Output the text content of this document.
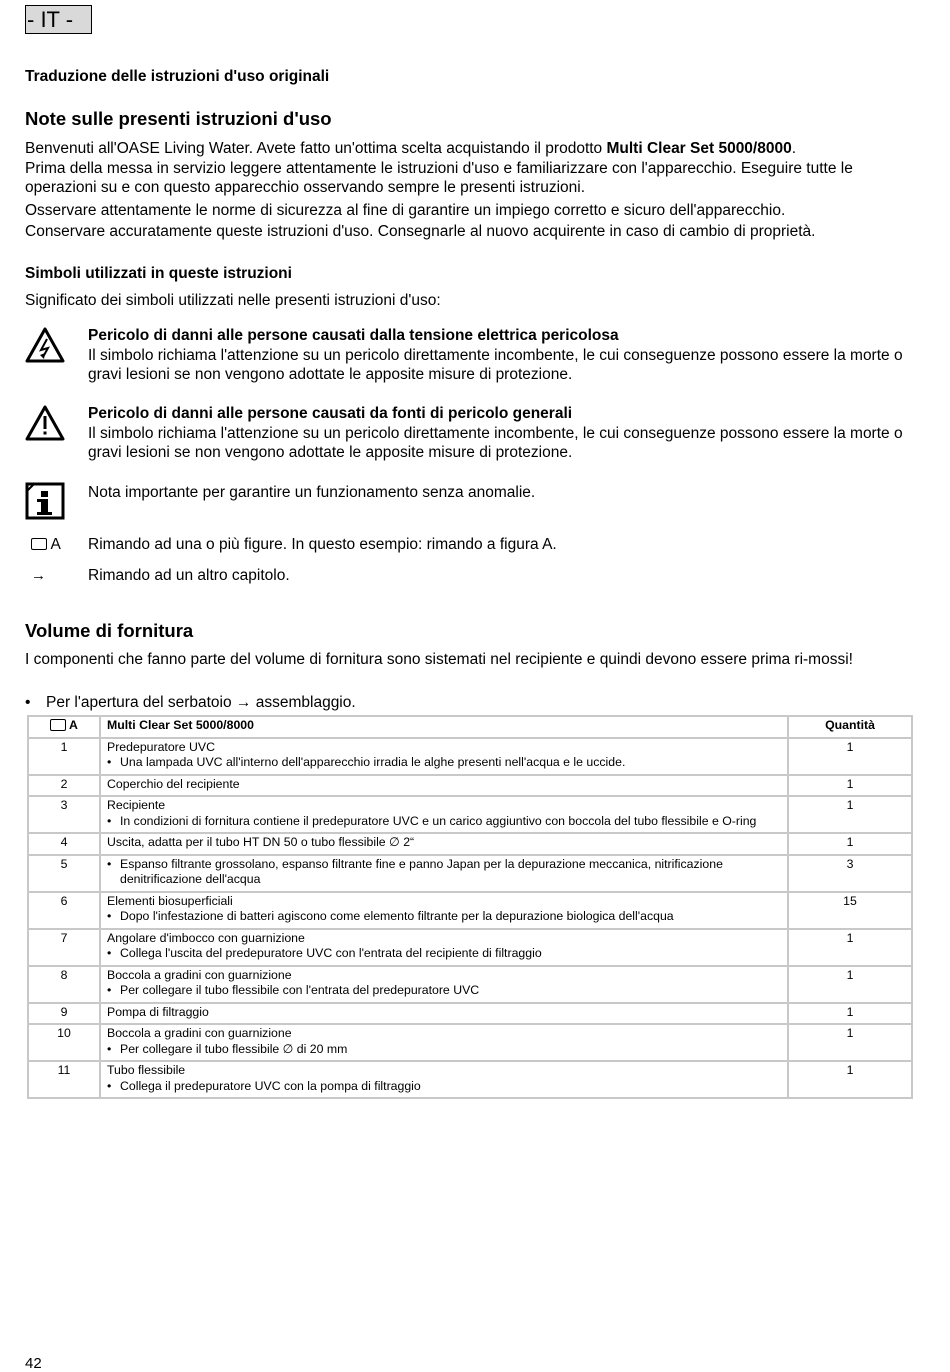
- IT -
Traduzione delle istruzioni d'uso originali
Note sulle presenti istruzioni d'uso

Benvenuti all'OASE Living Water. Avete fatto un'ottima scelta acquistando il prodotto Multi Clear Set 5000/8000.

Prima della messa in servizio leggere attentamente le istruzioni d'uso e familiarizzare con l'apparecchio. Eseguire tutte le operazioni su e con questo apparecchio osservando sempre le presenti istruzioni.

Osservare attentamente le norme di sicurezza al fine di garantire un impiego corretto e sicuro dell'apparecchio.

Conservare accuratamente queste istruzioni d'uso. Consegnarle al nuovo acquirente in caso di cambio di proprietà.

Simboli utilizzati in queste istruzioni
Significato dei simboli utilizzati nelle presenti istruzioni d'uso:
Pericolo di danni alle persone causati dalla tensione elettrica pericolosa
Il simbolo richiama l'attenzione su un pericolo direttamente incombente, le cui conseguenze possono essere la morte o gravi lesioni se non vengono adottate le apposite misure di protezione.
Pericolo di danni alle persone causati da fonti di pericolo generali
Il simbolo richiama l'attenzione su un pericolo direttamente incombente, le cui conseguenze possono essere la morte o gravi lesioni se non vengono adottate le apposite misure di protezione.
Nota importante per garantire un funzionamento senza anomalie.
A Rimando ad una o più figure. In questo esempio: rimando a figura A.
→	Rimando ad un altro capitolo.
Volume di fornitura
I componenti che fanno parte del volume di fornitura sono sistemati nel recipiente e quindi devono essere prima ri-mossi!
• Per l'apertura del serbatoio → assemblaggio.
A	Multi Clear Set 5000/8000	Quantità
1	Predepuratore UVC
• Una lampada UVC all'interno dell'apparecchio irradia le alghe presenti nell'acqua e le uccide.	1
2	Coperchio del recipiente	1
3	Recipiente
• In condizioni di fornitura contiene il predepuratore UVC e un carico aggiuntivo con boccola del tubo flessibile e O-ring	1
4	Uscita, adatta per il tubo HT DN 50 o tubo flessibile ∅ 2“	1
5	• Espanso filtrante grossolano, espanso filtrante fine e panno Japan per la depurazione meccanica, nitrificazione denitrificazione dell'acqua	3
6	Elementi biosuperficiali
• Dopo l'infestazione di batteri agiscono come elemento filtrante per la depurazione biologica dell'acqua	15
7	Angolare d'imbocco con guarnizione
• Collega l'uscita del predepuratore UVC con l'entrata del recipiente di filtraggio	1
8	Boccola a gradini con guarnizione
• Per collegare il tubo flessibile con l'entrata del predepuratore UVC	1
9	Pompa di filtraggio	1
10	Boccola a gradini con guarnizione
• Per collegare il tubo flessibile ∅ di 20 mm	1
11	Tubo flessibile
• Collega il predepuratore UVC con la pompa di filtraggio	1
42
